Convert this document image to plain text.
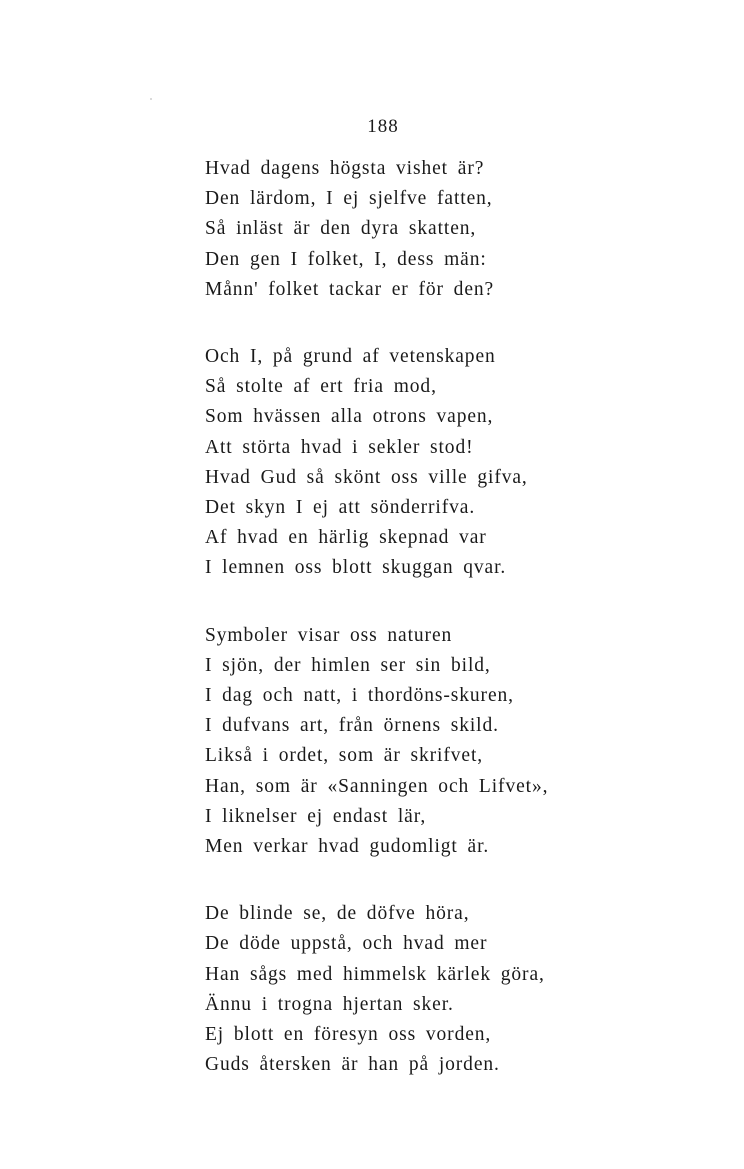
188
Hvad dagens högsta vishet är?
Den lärdom, I ej sjelfve fatten,
Så inläst är den dyra skatten,
Den gen I folket, I, dess män:
Månn' folket tackar er för den?
Och I, på grund af vetenskapen
Så stolte af ert fria mod,
Som hvässen alla otrons vapen,
Att störta hvad i sekler stod!
Hvad Gud så skönt oss ville gifva,
Det skyn I ej att sönderrifva.
Af hvad en härlig skepnad var
I lemnen oss blott skuggan qvar.
Symboler visar oss naturen
I sjön, der himlen ser sin bild,
I dag och natt, i thordöns-skuren,
I dufvans art, från örnens skild.
Likså i ordet, som är skrifvet,
Han, som är «Sanningen och Lifvet»,
I liknelser ej endast lär,
Men verkar hvad gudomligt är.
De blinde se, de döfve höra,
De döde uppstå, och hvad mer
Han sågs med himmelsk kärlek göra,
Ännu i trogna hjertan sker.
Ej blott en föresyn oss vorden,
Guds återsken är han på jorden.
